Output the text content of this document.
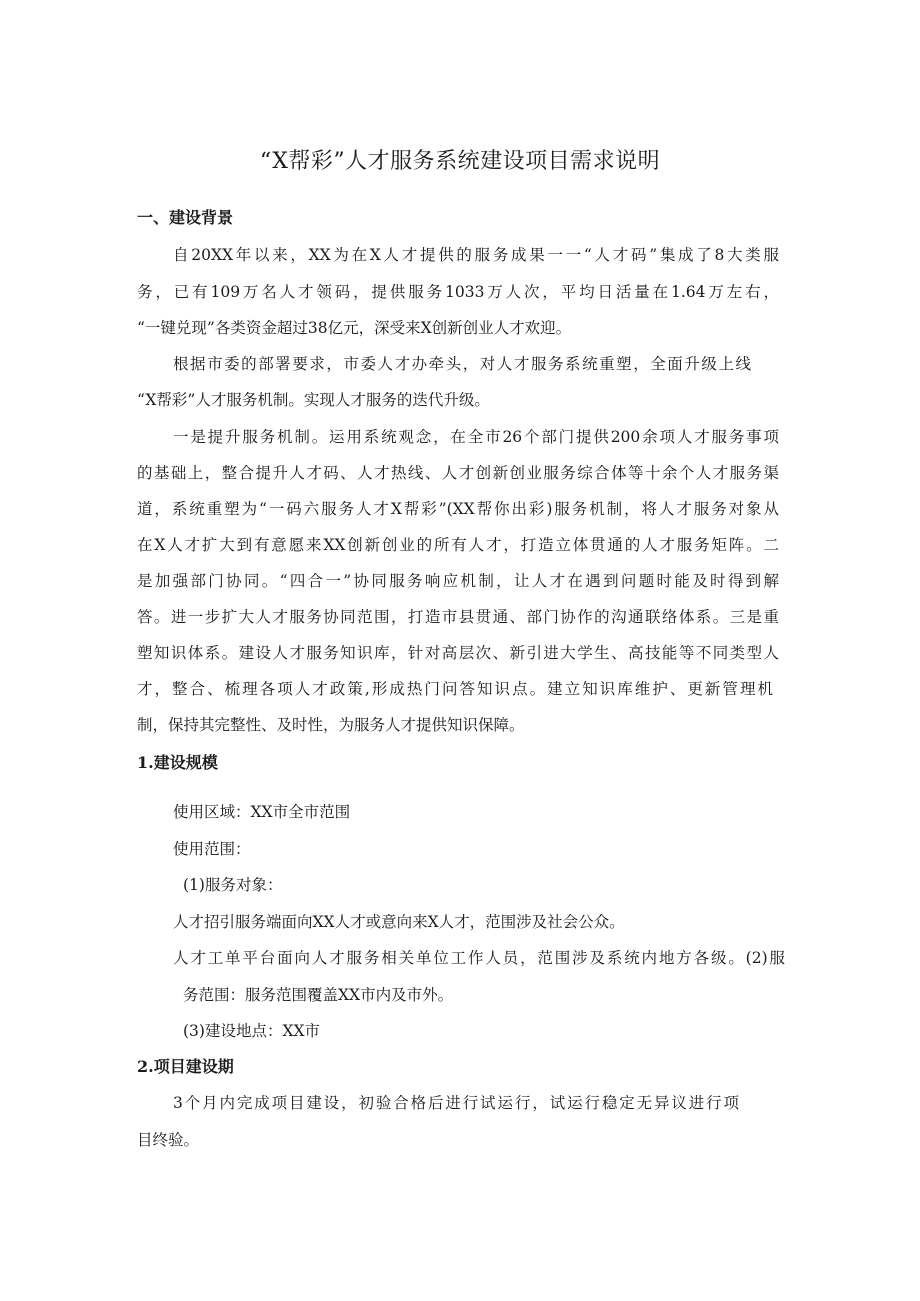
“X帮彩”人才服务系统建设项目需求说明
一、建设背景

自20XX年以来，XX为在X人才提供的服务成果一一“人才码”集成了8大类服

务，已有109万名人才领码，提供服务1033万人次，平均日活量在1.64万左右，

“一键兑现”各类资金超过38亿元，深受来X创新创业人才欢迎。

根据市委的部署要求，市委人才办牵头，对人才服务系统重塑，全面升级上线

“X帮彩”人才服务机制。实现人才服务的迭代升级。

一是提升服务机制。运用系统观念，在全市26个部门提供200余项人才服务事项

的基础上，整合提升人才码、人才热线、人才创新创业服务综合体等十余个人才服务渠

道，系统重塑为“一码六服务人才X帮彩”(XX帮你出彩)服务机制，将人才服务对象从

在X人才扩大到有意愿来XX创新创业的所有人才，打造立体贯通的人才服务矩阵。二

是加强部门协同。“四合一”协同服务响应机制，让人才在遇到问题时能及时得到解

答。进一步扩大人才服务协同范围，打造市县贯通、部门协作的沟通联络体系。三是重

塑知识体系。建设人才服务知识库，针对高层次、新引进大学生、高技能等不同类型人

才，整合、梳理各项人才政策,形成热门问答知识点。建立知识库维护、更新管理机

制，保持其完整性、及时性，为服务人才提供知识保障。

1.建设规模

使用区域：XX市全市范围

使用范围：

(1)服务对象：

人才招引服务端面向XX人才或意向来X人才，范围涉及社会公众。

人才工单平台面向人才服务相关单位工作人员，范围涉及系统内地方各级。(2)服

务范围：服务范围覆盖XX市内及市外。

(3)建设地点：XX市

2.项目建设期

3个月内完成项目建设，初验合格后进行试运行，试运行稳定无异议进行项

目终验。
